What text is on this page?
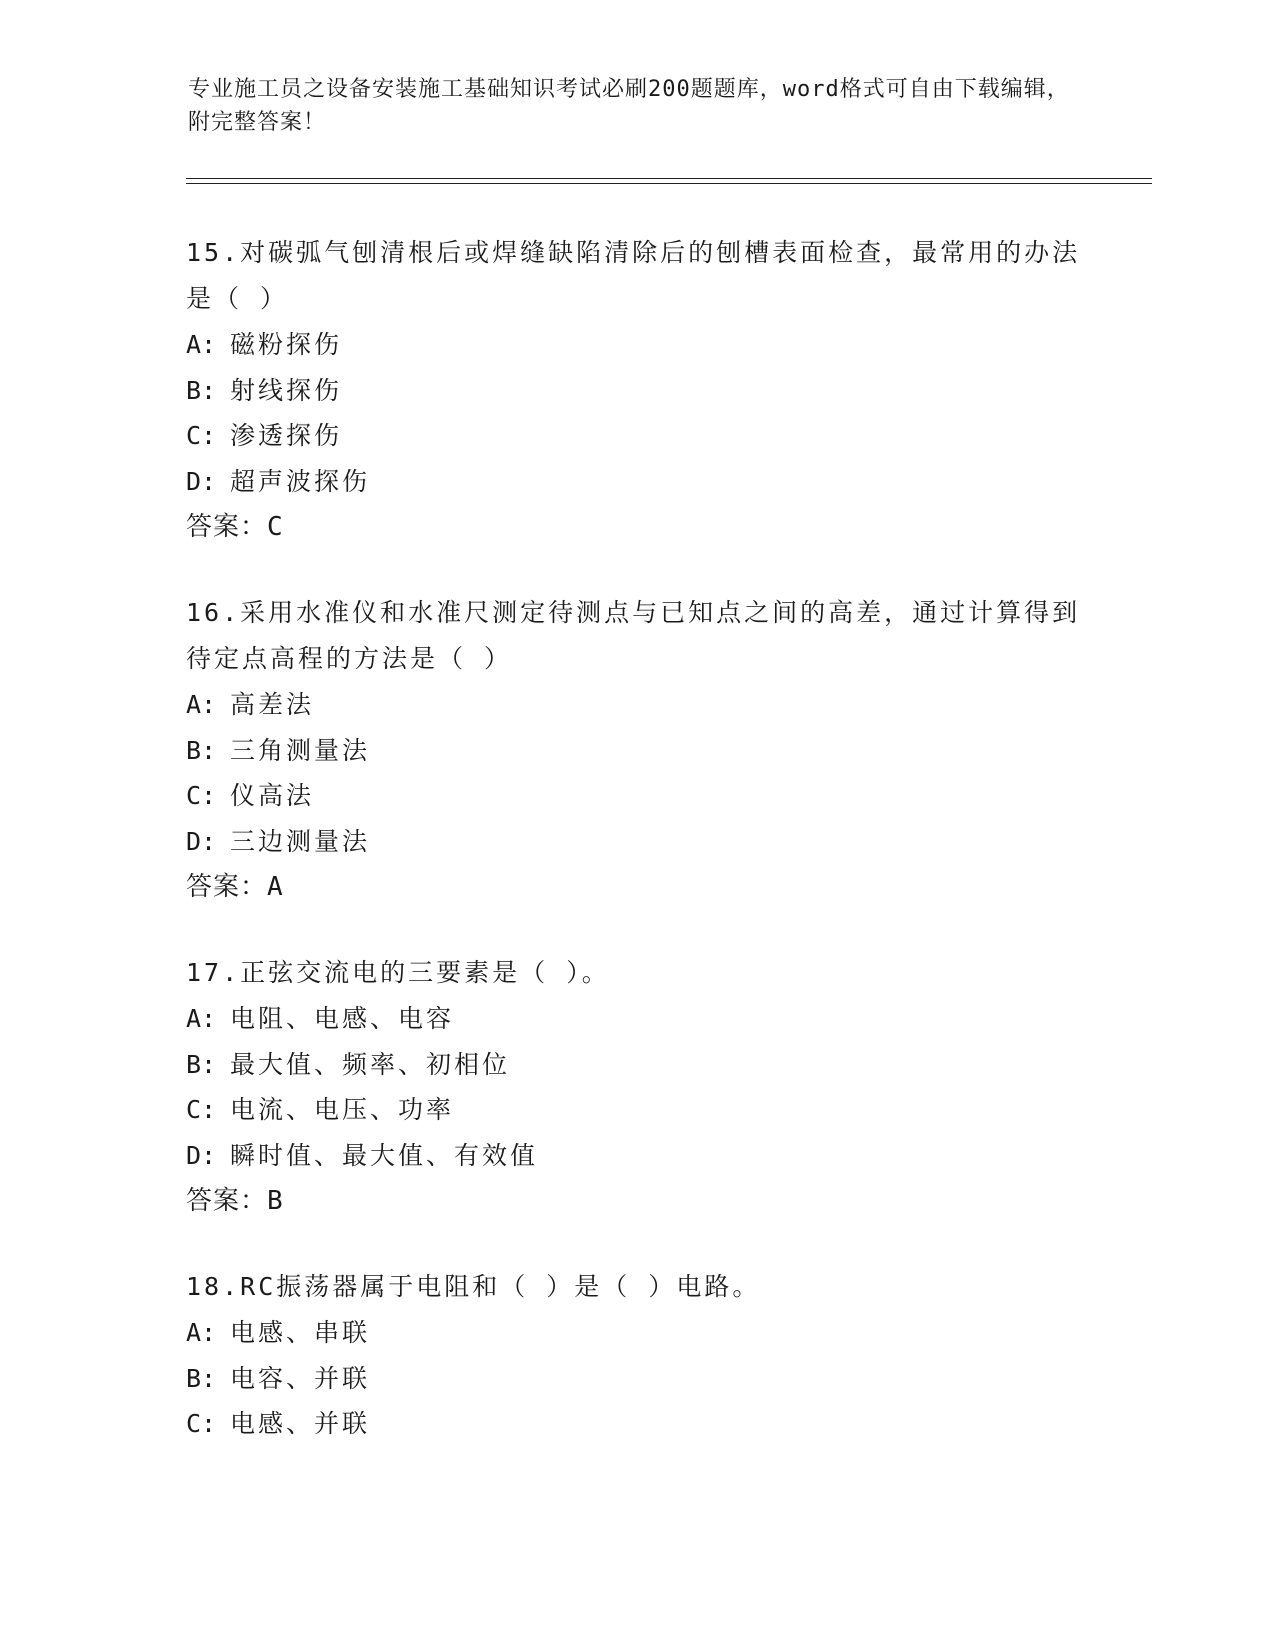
专业施工员之设备安装施工基础知识考试必刷200题题库，word格式可自由下载编辑，附完整答案！
15.对碳弧气刨清根后或焊缝缺陷清除后的刨槽表面检查，最常用的办法是（ ）
A: 磁粉探伤
B: 射线探伤
C: 渗透探伤
D: 超声波探伤
答案：C
16.采用水准仪和水准尺测定待测点与已知点之间的高差，通过计算得到待定点高程的方法是（ ）
A: 高差法
B: 三角测量法
C: 仪高法
D: 三边测量法
答案：A
17.正弦交流电的三要素是（ ）。
A: 电阻、电感、电容
B: 最大值、频率、初相位
C: 电流、电压、功率
D: 瞬时值、最大值、有效值
答案：B
18.RC振荡器属于电阻和（ ）是（ ）电路。
A: 电感、串联
B: 电容、并联
C: 电感、并联
